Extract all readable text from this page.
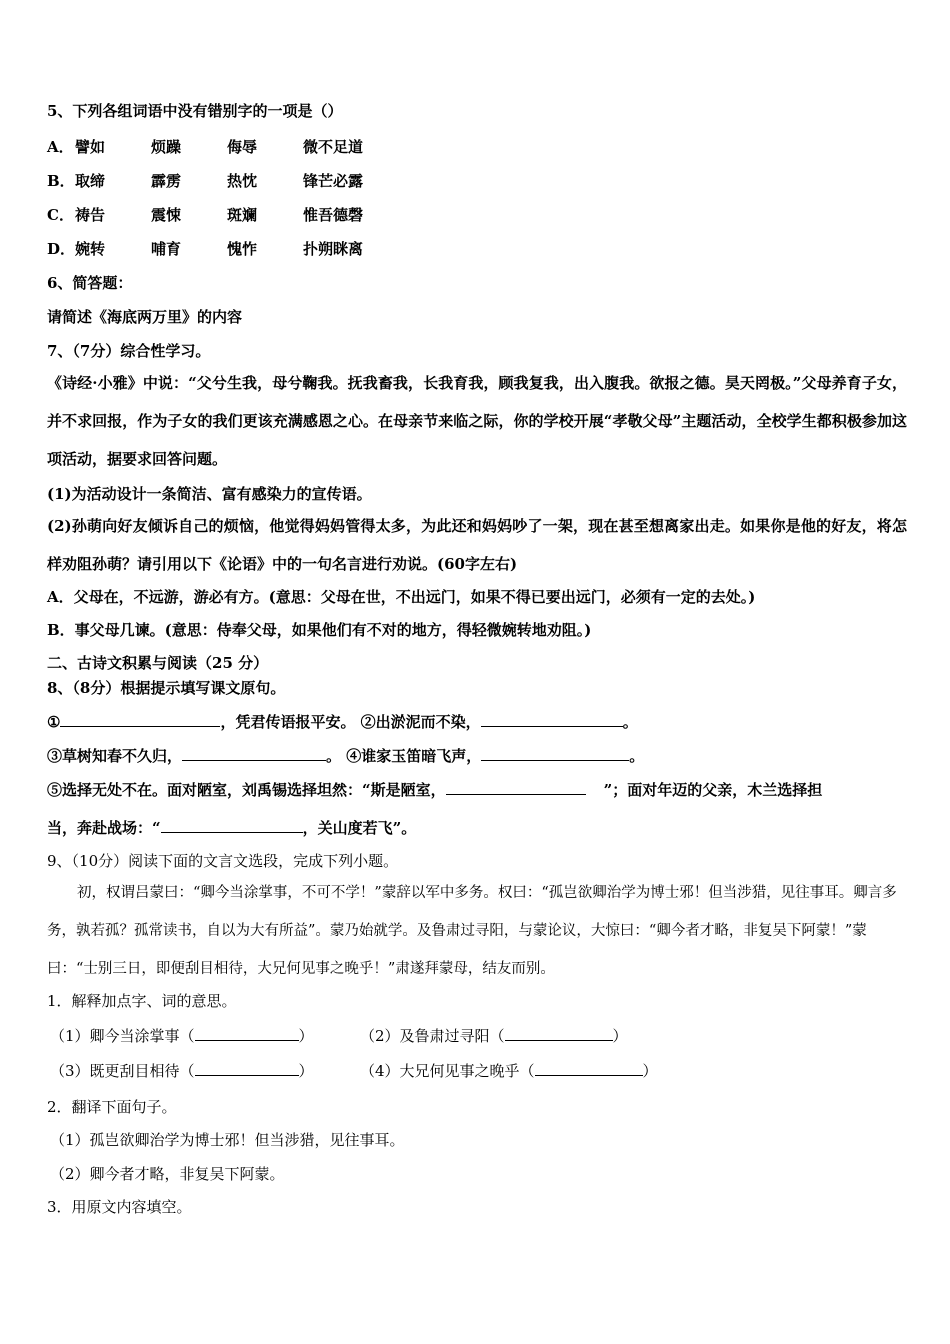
5、下列各组词语中没有错别字的一项是（）
A． 譬如	烦躁	侮辱	微不足道
B． 取缔	霹雳	热忱	锋芒必露
C． 祷告	震悚	斑斓	惟吾德磬
D． 婉转	哺育	愧怍	扑朔眯离
6、简答题：
请简述《海底两万里》的内容
7、（7分）综合性学习。
《诗经·小雅》中说：“父兮生我，母兮鞠我。抚我畜我，长我育我，顾我复我，出入腹我。欲报之德。昊天罔极。”父母养育子女，并不求回报，作为子女的我们更该充满感恩之心。在母亲节来临之际，你的学校开展“孝敬父母”主题活动，全校学生都积极参加这项活动，据要求回答问题。
(1)为活动设计一条简洁、富有感染力的宣传语。
(2)孙萌向好友倾诉自己的烦恼，他觉得妈妈管得太多，为此还和妈妈吵了一架，现在甚至想离家出走。如果你是他的好友，将怎样劝阻孙萌？请引用以下《论语》中的一句名言进行劝说。(60字左右)
A．父母在，不远游，游必有方。(意思：父母在世，不出远门，如果不得已要出远门，必须有一定的去处。)
B．事父母几谏。(意思：侍奉父母，如果他们有不对的地方，得轻微婉转地劝阻。)
二、古诗文积累与阅读（25 分）
8、（8分）根据提示填写课文原句。
①	，凭君传语报平安。 ②出淤泥而不染，	。
③草树知春不久归，	。 ④谁家玉笛暗飞声，	。
⑤选择无处不在。面对陋室，刘禹锡选择坦然：“斯是陋室，	”；面对年迈的父亲，木兰选择担
当，奔赴战场：“	，关山度若飞”。
9、（10分）阅读下面的文言文选段，完成下列小题。
初，权谓吕蒙曰：“卿今当涂掌事，不可不学！”蒙辞以军中多务。权曰：“孤岂欲卿治学为博士邪！但当涉猎，见往事耳。卿言多务，孰若孤？孤常读书，自以为大有所益”。蒙乃始就学。及鲁肃过寻阳，与蒙论议，大惊曰：“卿今者才略，非复吴下阿蒙！”蒙曰：“士别三日，即便刮目相待，大兄何见事之晚乎！”肃遂拜蒙母，结友而别。
1．解释加点字、词的意思。
（1）卿今当涂掌事（	）	（2）及鲁肃过寻阳（	）
（3）既更刮目相待（	）	（4）大兄何见事之晚乎（	）
2．翻译下面句子。
（1）孤岂欲卿治学为博士邪！但当涉猎，见往事耳。
（2）卿今者才略，非复吴下阿蒙。
3．用原文内容填空。
